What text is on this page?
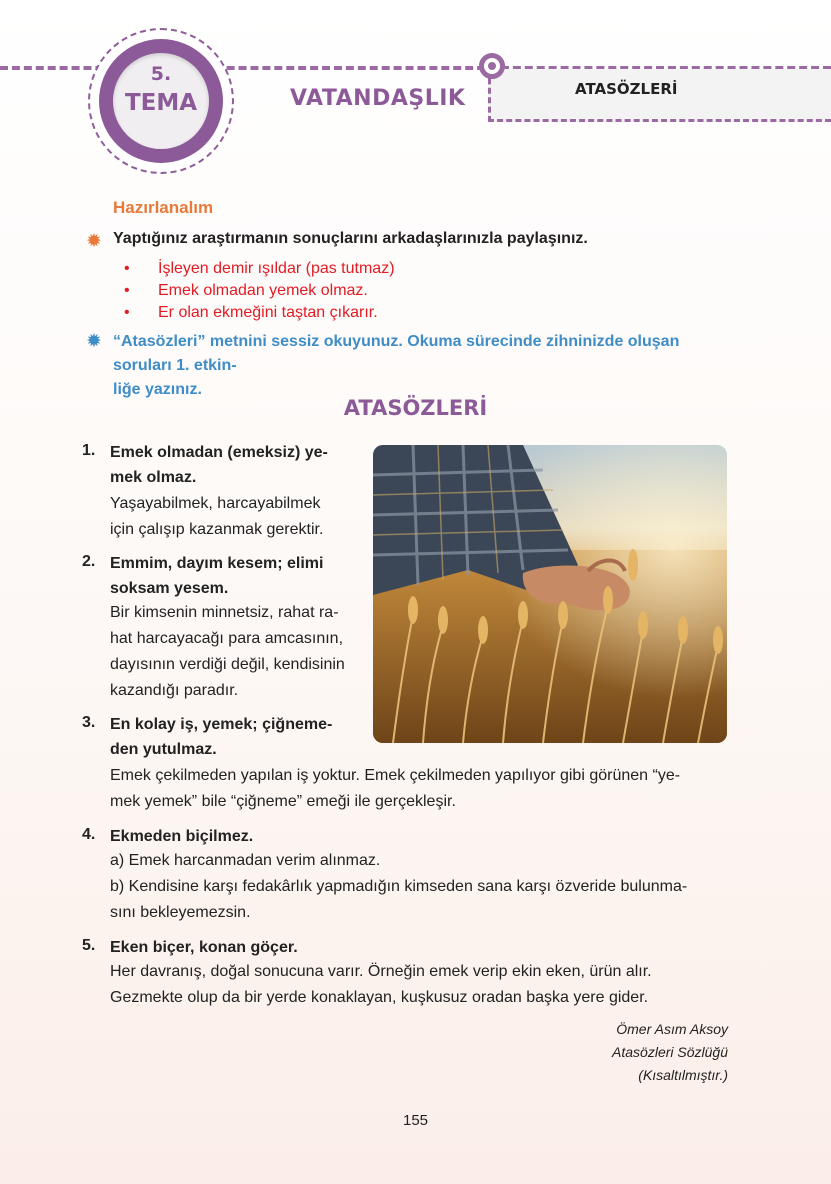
5.
TEMA	VATANDAŞLIK	ATASÖZLERİ
Hazırlanalım
✹ Yaptığınız araştırmanın sonuçlarını arkadaşlarınızla paylaşınız.
• İşleyen demir ışıldar (pas tutmaz)
• Emek olmadan yemek olmaz.
• Er olan ekmeğini taştan çıkarır.
✹ “Atasözleri” metnini sessiz okuyunuz. Okuma sürecinde zihninizde oluşan soruları 1. etkin-
liğe yazınız.
ATASÖZLERİ
1. Emek olmadan (emeksiz) ye-
mek olmaz.
Yaşayabilmek, harcayabilmek
için çalışıp kazanmak gerektir.
2. Emmim, dayım kesem; elimi
soksam yesem.
Bir kimsenin minnetsiz, rahat ra-
hat harcayacağı para amcasının,
dayısının verdiği değil, kendisinin
kazandığı paradır.
3. En kolay iş, yemek; çiğneme-
den yutulmaz.
Emek çekilmeden yapılan iş yoktur. Emek çekilmeden yapılıyor gibi görünen “ye-
mek yemek” bile “çiğneme” emeği ile gerçekleşir.
4. Ekmeden biçilmez.
a) Emek harcanmadan verim alınmaz.
b) Kendisine karşı fedakârlık yapmadığın kimseden sana karşı özveride bulunma-
sını bekleyemezsin.
5. Eken biçer, konan göçer.
Her davranış, doğal sonucuna varır. Örneğin emek verip ekin eken, ürün alır.
Gezmekte olup da bir yerde konaklayan, kuşkusuz oradan başka yere gider.
Ömer Asım Aksoy
Atasözleri Sözlüğü
(Kısaltılmıştır.)
155
